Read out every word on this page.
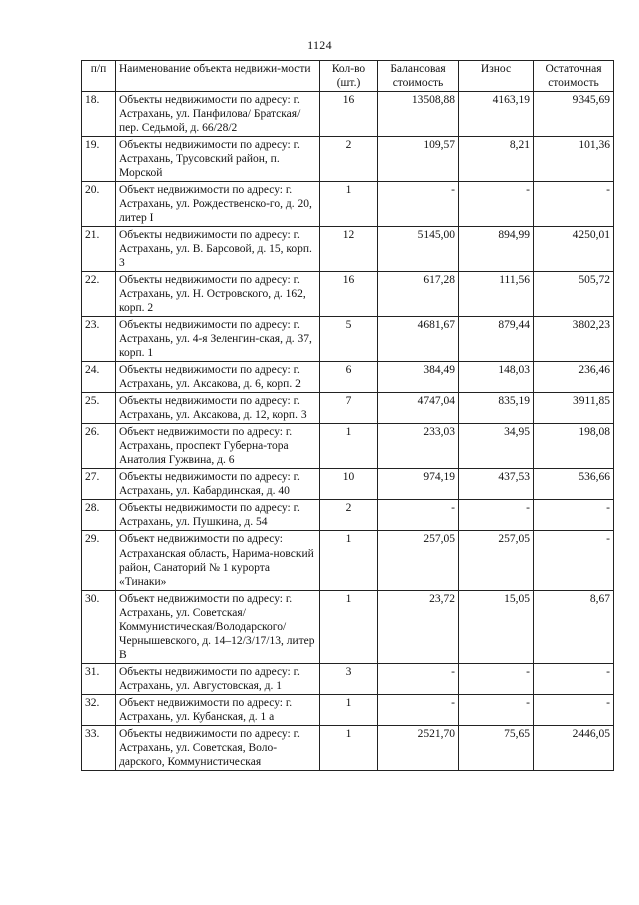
1124
п/п	Наименование объекта недвижи-мости	Кол-во (шт.)	Балансовая стоимость	Износ	Остаточная стоимость
18.	Объекты недвижимости по адресу: г. Астрахань, ул. Панфилова/ Братская/ пер. Седьмой, д. 66/28/2	16	13508,88	4163,19	9345,69
19.	Объекты недвижимости по адресу: г. Астрахань, Трусовский район, п. Морской	2	109,57	8,21	101,36
20.	Объект недвижимости по адресу: г. Астрахань, ул. Рождественско-го, д. 20, литер I	1	-	-	-
21.	Объекты недвижимости по адресу: г. Астрахань, ул. В. Барсовой, д. 15, корп. 3	12	5145,00	894,99	4250,01
22.	Объекты недвижимости по адресу: г. Астрахань, ул. Н. Островского, д. 162, корп. 2	16	617,28	111,56	505,72
23.	Объекты недвижимости по адресу: г. Астрахань, ул. 4-я Зеленгин-ская, д. 37, корп. 1	5	4681,67	879,44	3802,23
24.	Объекты недвижимости по адресу: г. Астрахань, ул. Аксакова, д. 6, корп. 2	6	384,49	148,03	236,46
25.	Объекты недвижимости по адресу: г. Астрахань, ул. Аксакова, д. 12, корп. 3	7	4747,04	835,19	3911,85
26.	Объект недвижимости по адресу: г. Астрахань, проспект Губерна-тора Анатолия Гужвина, д. 6	1	233,03	34,95	198,08
27.	Объекты недвижимости по адресу: г. Астрахань, ул. Кабардинская, д. 40	10	974,19	437,53	536,66
28.	Объекты недвижимости по адресу: г. Астрахань, ул. Пушкина, д. 54	2	-	-	-
29.	Объект недвижимости по адресу: Астраханская область, Нарима-новский район, Санаторий № 1 курорта «Тинаки»	1	257,05	257,05	-
30.	Объект недвижимости по адресу: г. Астрахань, ул. Советская/ Коммунистическая/Володарского/ Чернышевского, д. 14–12/3/17/13, литер В	1	23,72	15,05	8,67
31.	Объекты недвижимости по адресу: г. Астрахань, ул. Августовская, д. 1	3	-	-	-
32.	Объект недвижимости по адресу: г. Астрахань, ул. Кубанская, д. 1 а	1	-	-	-
33.	Объекты недвижимости по адресу: г. Астрахань, ул. Советская, Воло-дарского, Коммунистическая	1	2521,70	75,65	2446,05
